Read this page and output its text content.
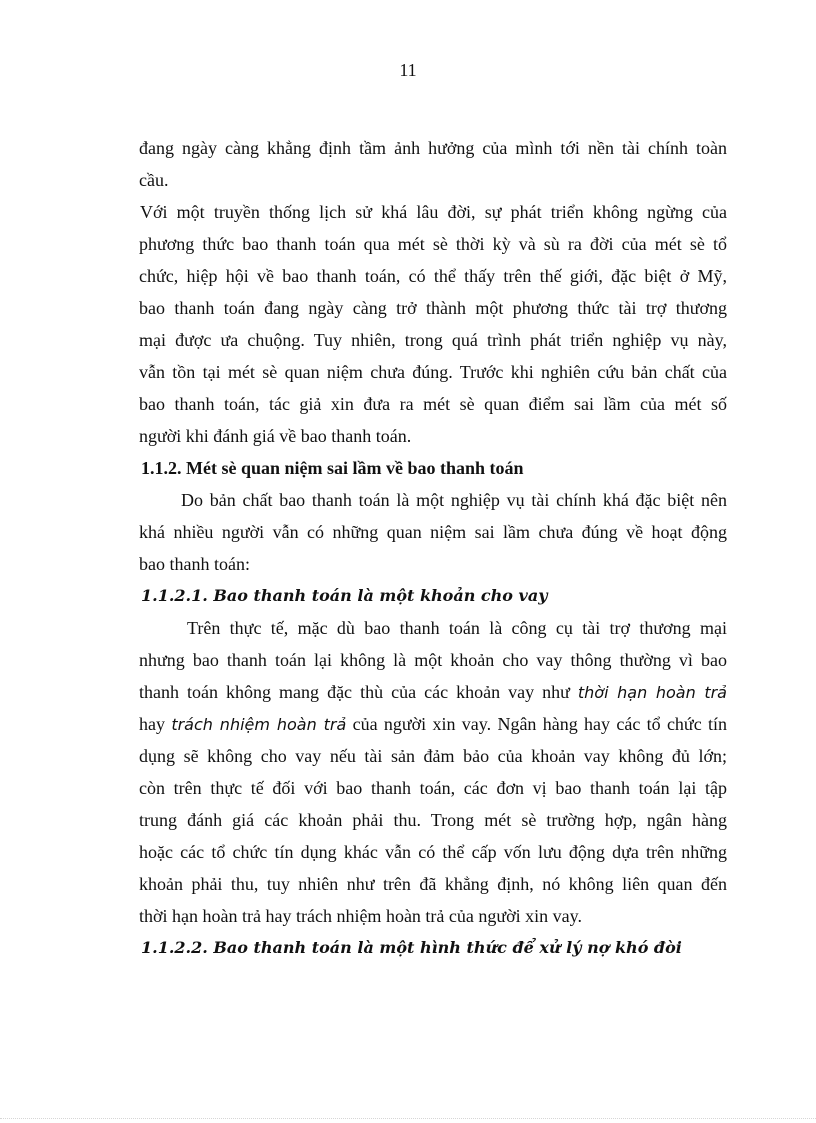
11
đang ngày càng khẳng định tầm ảnh hưởng của mình tới nền tài chính toàn
cầu.
Với một truyền thống lịch sử khá lâu đời, sự phát triển không ngừng của
phương thức bao thanh toán qua mét sè thời kỳ và sù ra đời của mét sè tổ
chức, hiệp hội về bao thanh toán, có thể thấy trên thế giới, đặc biệt ở Mỹ,
bao thanh toán đang ngày càng trở thành một phương thức tài trợ thương
mại được ưa chuộng. Tuy nhiên, trong quá trình phát triển nghiệp vụ này,
vẫn tồn tại mét sè quan niệm chưa đúng. Trước khi nghiên cứu bản chất của
bao thanh toán, tác giả xin đưa ra mét sè quan điểm sai lầm của mét số
người khi đánh giá về bao thanh toán.
1.1.2. Mét sè quan niệm sai lầm về bao thanh toán
Do bản chất bao thanh toán là một nghiệp vụ tài chính khá đặc biệt nên
khá nhiều người vẫn có những quan niệm sai lầm chưa đúng về hoạt động
bao thanh toán:
1.1.2.1. Bao thanh toán là một khoản cho vay
Trên thực tế, mặc dù bao thanh toán là công cụ tài trợ thương mại
nhưng bao thanh toán lại không là một khoản cho vay thông thường vì bao
thanh toán không mang đặc thù của các khoản vay như thời hạn hoàn trả
hay trách nhiệm hoàn trả của người xin vay. Ngân hàng hay các tổ chức tín
dụng sẽ không cho vay nếu tài sản đảm bảo của khoản vay không đủ lớn;
còn trên thực tế đối với bao thanh toán, các đơn vị bao thanh toán lại tập
trung đánh giá các khoản phải thu. Trong mét sè trường hợp, ngân hàng
hoặc các tổ chức tín dụng khác vẫn có thể cấp vốn lưu động dựa trên những
khoản phải thu, tuy nhiên như trên đã khẳng định, nó không liên quan đến
thời hạn hoàn trả hay trách nhiệm hoàn trả của người xin vay.
1.1.2.2. Bao thanh toán là một hình thức để xử lý nợ khó đòi
